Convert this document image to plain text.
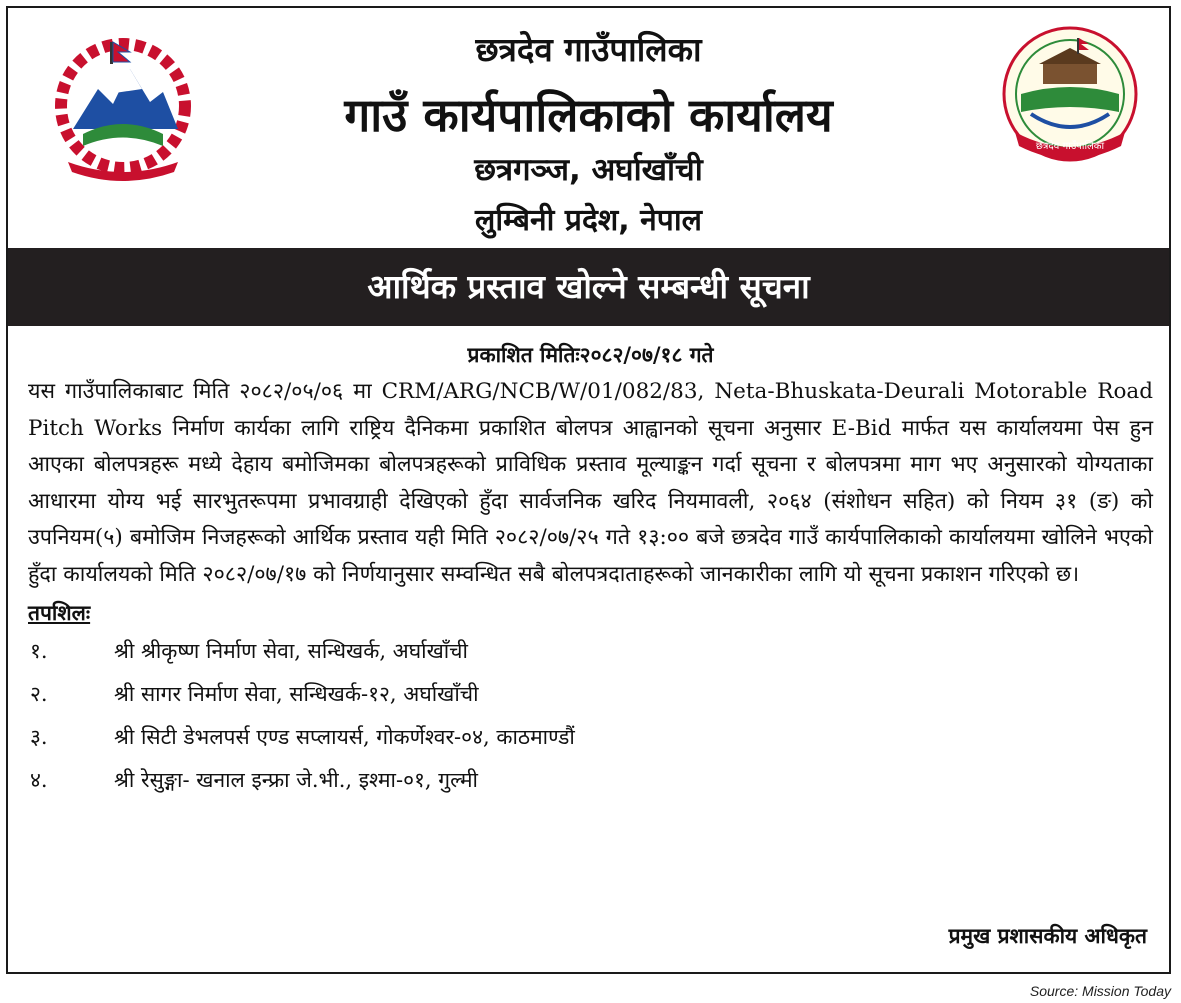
छत्रदेव गाउँपालिका
गाउँ कार्यपालिकाको कार्यालय
छत्रगञ्ज, अर्घाखाँची
लुम्बिनी प्रदेश, नेपाल
छत्रदेव गाउँपालिका
आर्थिक प्रस्ताव खोल्ने सम्बन्धी सूचना
प्रकाशित मितिः२०८२/०७/१८ गते

यस गाउँपालिकाबाट मिति २०८२/०५/०६ मा CRM/ARG/NCB/W/01/082/83, Neta-Bhuskata-Deurali Motorable Road Pitch Works निर्माण कार्यका लागि राष्ट्रिय दैनिकमा प्रकाशित बोलपत्र आह्वानको सूचना अनुसार E-Bid मार्फत यस कार्यालयमा पेस हुन आएका बोलपत्रहरू मध्ये देहाय बमोजिमका बोलपत्रहरूको प्राविधिक प्रस्ताव मूल्याङ्कन गर्दा सूचना र बोलपत्रमा माग भए अनुसारको योग्यताका आधारमा योग्य भई सारभुतरूपमा प्रभावग्राही देखिएको हुँदा सार्वजनिक खरिद नियमावली, २०६४ (संशोधन सहित) को नियम ३१ (ङ) को उपनियम(५) बमोजिम निजहरूको आर्थिक प्रस्ताव यही मिति २०८२/०७/२५ गते १३:०० बजे छत्रदेव गाउँ कार्यपालिकाको कार्यालयमा खोलिने भएको हुँदा कार्यालयको मिति २०८२/०७/१७ को निर्णयानुसार सम्वन्धित सबै बोलपत्रदाताहरूको जानकारीका लागि यो सूचना प्रकाशन गरिएको छ।

तपशिलः
१.	श्री श्रीकृष्ण निर्माण सेवा, सन्धिखर्क, अर्घाखाँची
२.	श्री सागर निर्माण सेवा, सन्धिखर्क-१२, अर्घाखाँची
३.	श्री सिटी डेभलपर्स एण्ड सप्लायर्स, गोकर्णेश्वर-०४, काठमाण्डौं
४.	श्री रेसुङ्गा- खनाल इन्फ्रा जे.भी., इश्मा-०१, गुल्मी
प्रमुख प्रशासकीय अधिकृत
Source: Mission Today
